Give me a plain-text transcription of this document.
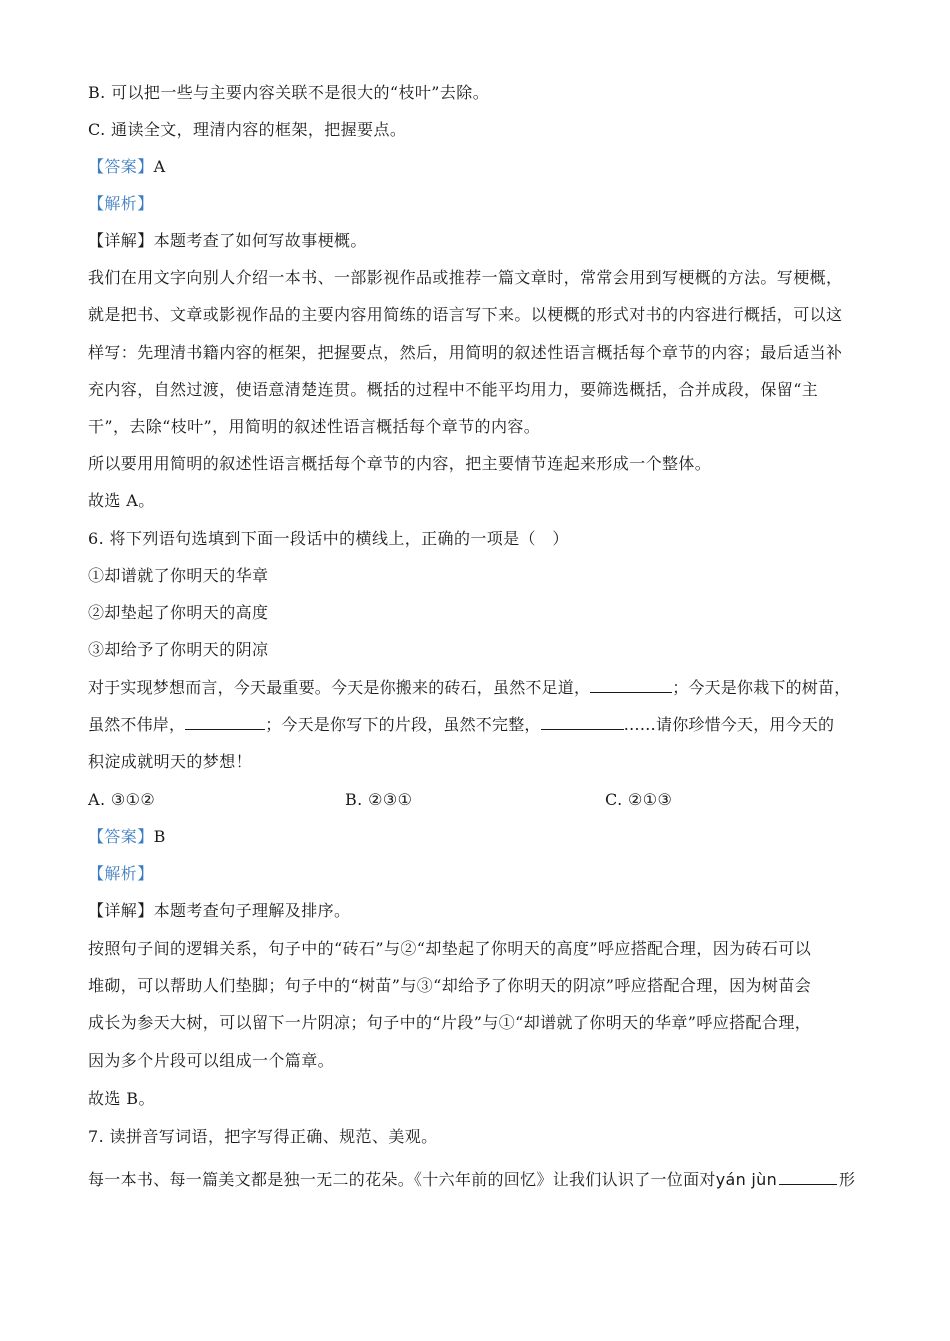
B. 可以把一些与主要内容关联不是很大的“枝叶”去除。
C. 通读全文，理清内容的框架，把握要点。
【答案】A
【解析】
【详解】本题考查了如何写故事梗概。
我们在用文字向别人介绍一本书、一部影视作品或推荐一篇文章时，常常会用到写梗概的方法。写梗概，
就是把书、文章或影视作品的主要内容用简练的语言写下来。以梗概的形式对书的内容进行概括，可以这
样写：先理清书籍内容的框架，把握要点，然后，用简明的叙述性语言概括每个章节的内容；最后适当补
充内容，自然过渡，使语意清楚连贯。概括的过程中不能平均用力，要筛选概括，合并成段，保留“主
干”，去除“枝叶”，用简明的叙述性语言概括每个章节的内容。
所以要用用简明的叙述性语言概括每个章节的内容，把主要情节连起来形成一个整体。
故选 A。
6. 将下列语句选填到下面一段话中的横线上，正确的一项是（　）
①却谱就了你明天的华章
②却垫起了你明天的高度
③却给予了你明天的阴凉
对于实现梦想而言，今天最重要。今天是你搬来的砖石，虽然不足道，	；今天是你栽下的树苗，
虽然不伟岸，	；今天是你写下的片段，虽然不完整，	……请你珍惜今天，用今天的
积淀成就明天的梦想！
A. ③①②	B. ②③①	C. ②①③
【答案】B
【解析】
【详解】本题考查句子理解及排序。
按照句子间的逻辑关系，句子中的“砖石”与②“却垫起了你明天的高度”呼应搭配合理，因为砖石可以
堆砌，可以帮助人们垫脚；句子中的“树苗”与③“却给予了你明天的阴凉”呼应搭配合理，因为树苗会
成长为参天大树，可以留下一片阴凉；句子中的“片段”与①“却谱就了你明天的华章”呼应搭配合理，
因为多个片段可以组成一个篇章。
故选 B。
7. 读拼音写词语，把字写得正确、规范、美观。
每一本书、每一篇美文都是独一无二的花朵。《十六年前的回忆》让我们认识了一位面对yán jùn	形
